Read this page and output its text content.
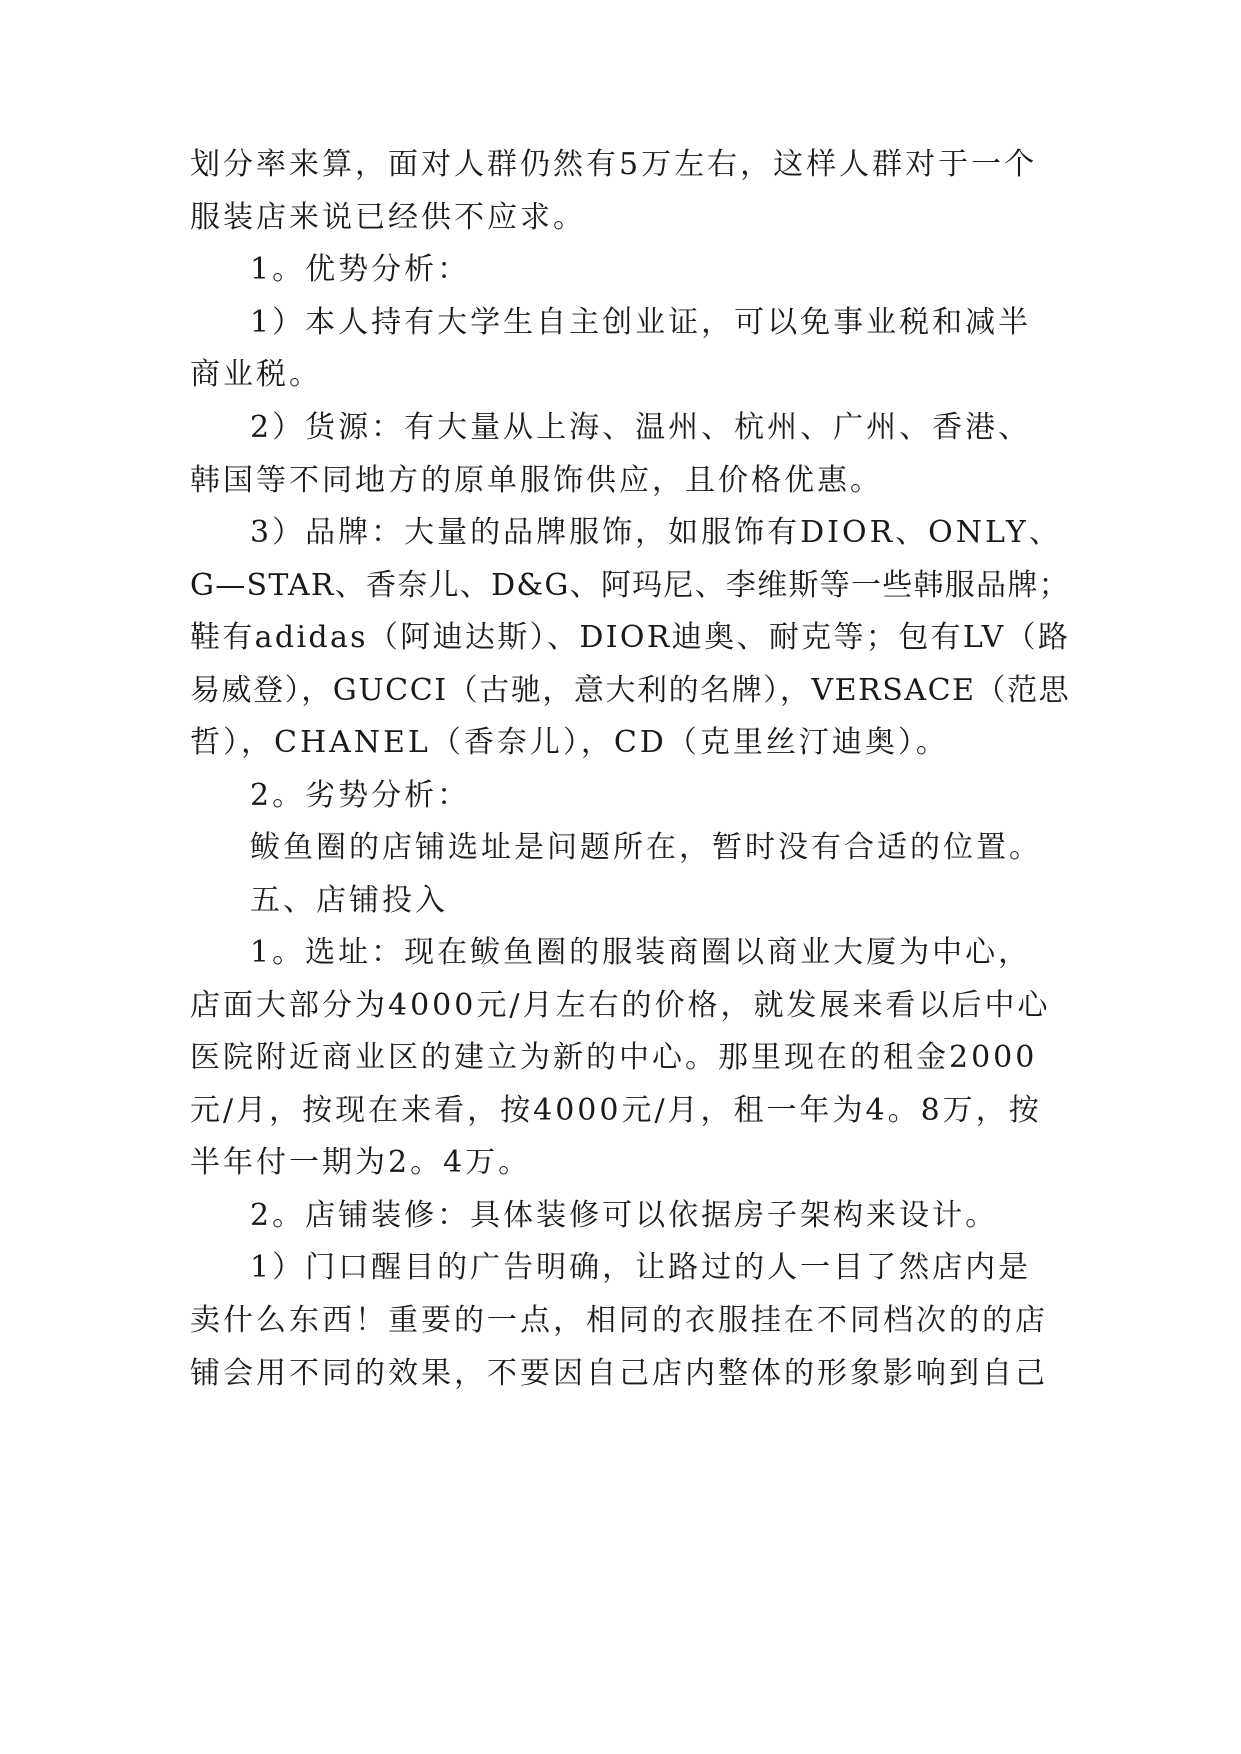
划分率来算，面对人群仍然有5万左右，这样人群对于一个
服装店来说已经供不应求。
1。优势分析：
1）本人持有大学生自主创业证，可以免事业税和减半
商业税。
2）货源：有大量从上海、温州、杭州、广州、香港、
韩国等不同地方的原单服饰供应，且价格优惠。
3）品牌：大量的品牌服饰，如服饰有DIOR、ONLY、
G—STAR、香奈儿、D&G、阿玛尼、李维斯等一些韩服品牌；
鞋有adidas（阿迪达斯）、DIOR迪奥、耐克等；包有LV（路
易威登），GUCCI（古驰，意大利的名牌），VERSACE（范思
哲），CHANEL（香奈儿），CD（克里丝汀迪奥）。
2。劣势分析：
鲅鱼圈的店铺选址是问题所在，暂时没有合适的位置。
五、店铺投入
1。选址：现在鲅鱼圈的服装商圈以商业大厦为中心，
店面大部分为4000元/月左右的价格，就发展来看以后中心
医院附近商业区的建立为新的中心。那里现在的租金2000
元/月，按现在来看，按4000元/月，租一年为4。8万，按
半年付一期为2。4万。
2。店铺装修：具体装修可以依据房子架构来设计。
1）门口醒目的广告明确，让路过的人一目了然店内是
卖什么东西！重要的一点，相同的衣服挂在不同档次的的店
铺会用不同的效果，不要因自己店内整体的形象影响到自己
